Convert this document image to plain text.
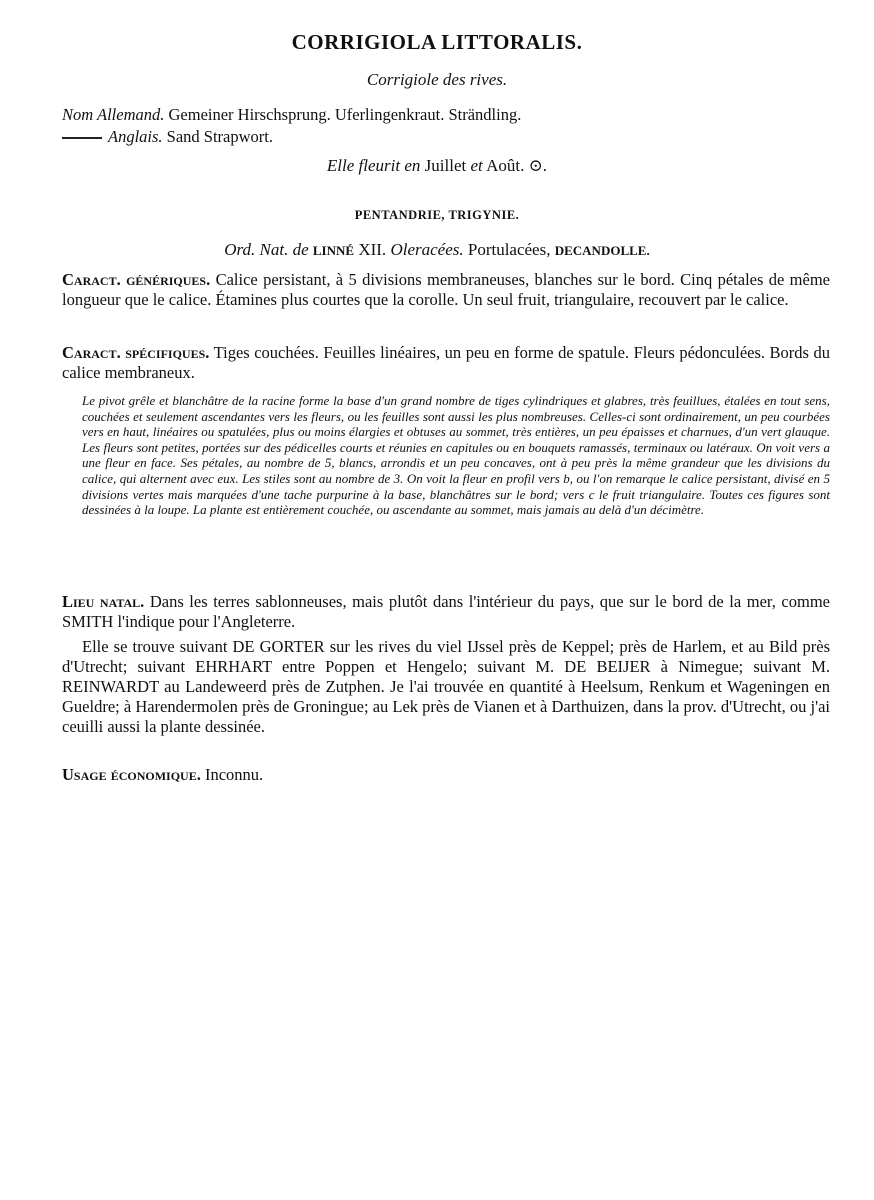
CORRIGIOLA LITTORALIS.
Corrigiole des rives.
Nom Allemand. Gemeiner Hirschsprung. Uferlingenkraut. Strändling.
Anglais. Sand Strapwort.
Elle fleurit en Juillet et Août. ⊙.
PENTANDRIE, TRIGYNIE.
Ord. Nat. de LINNÉ XII. Oleracées. Portulacées, DECANDOLLE.
Caract. génériques. Calice persistant, à 5 divisions membraneuses, blanches sur le bord. Cinq pétales de même longueur que le calice. Étamines plus courtes que la corolle. Un seul fruit, triangulaire, recouvert par le calice.
Caract. spécifiques. Tiges couchées. Feuilles linéaires, un peu en forme de spatule. Fleurs pédonculées. Bords du calice membraneux.
Le pivot grêle et blanchâtre de la racine forme la base d'un grand nombre de tiges cylindriques et glabres, très feuillues, étalées en tout sens, couchées et seulement ascendantes vers les fleurs, ou les feuilles sont aussi les plus nombreuses. Celles-ci sont ordinairement, un peu courbées vers en haut, linéaires ou spatulées, plus ou moins élargies et obtuses au sommet, très entières, un peu épaisses et charnues, d'un vert glauque. Les fleurs sont petites, portées sur des pédicelles courts et réunies en capitules ou en bouquets ramassés, terminaux ou latéraux. On voit vers a une fleur en face. Ses pétales, au nombre de 5, blancs, arrondis et un peu concaves, ont à peu près la même grandeur que les divisions du calice, qui alternent avec eux. Les stiles sont au nombre de 3. On voit la fleur en profil vers b, ou l'on remarque le calice persistant, divisé en 5 divisions vertes mais marquées d'une tache purpurine à la base, blanchâtres sur le bord; vers c le fruit triangulaire. Toutes ces figures sont dessinées à la loupe. La plante est entièrement couchée, ou ascendante au sommet, mais jamais au delà d'un décimètre.
Lieu natal. Dans les terres sablonneuses, mais plutôt dans l'intérieur du pays, que sur le bord de la mer, comme SMITH l'indique pour l'Angleterre.
Elle se trouve suivant DE GORTER sur les rives du viel IJssel près de Keppel; près de Harlem, et au Bild près d'Utrecht; suivant EHRHART entre Poppen et Hengelo; suivant M. DE BEIJER à Nimegue; suivant M. REINWARDT au Landeweerd près de Zutphen. Je l'ai trouvée en quantité à Heelsum, Renkum et Wageningen en Gueldre; à Harendermolen près de Groningue; au Lek près de Vianen et à Darthuizen, dans la prov. d'Utrecht, ou j'ai ceuilli aussi la plante dessinée.
Usage économique. Inconnu.
